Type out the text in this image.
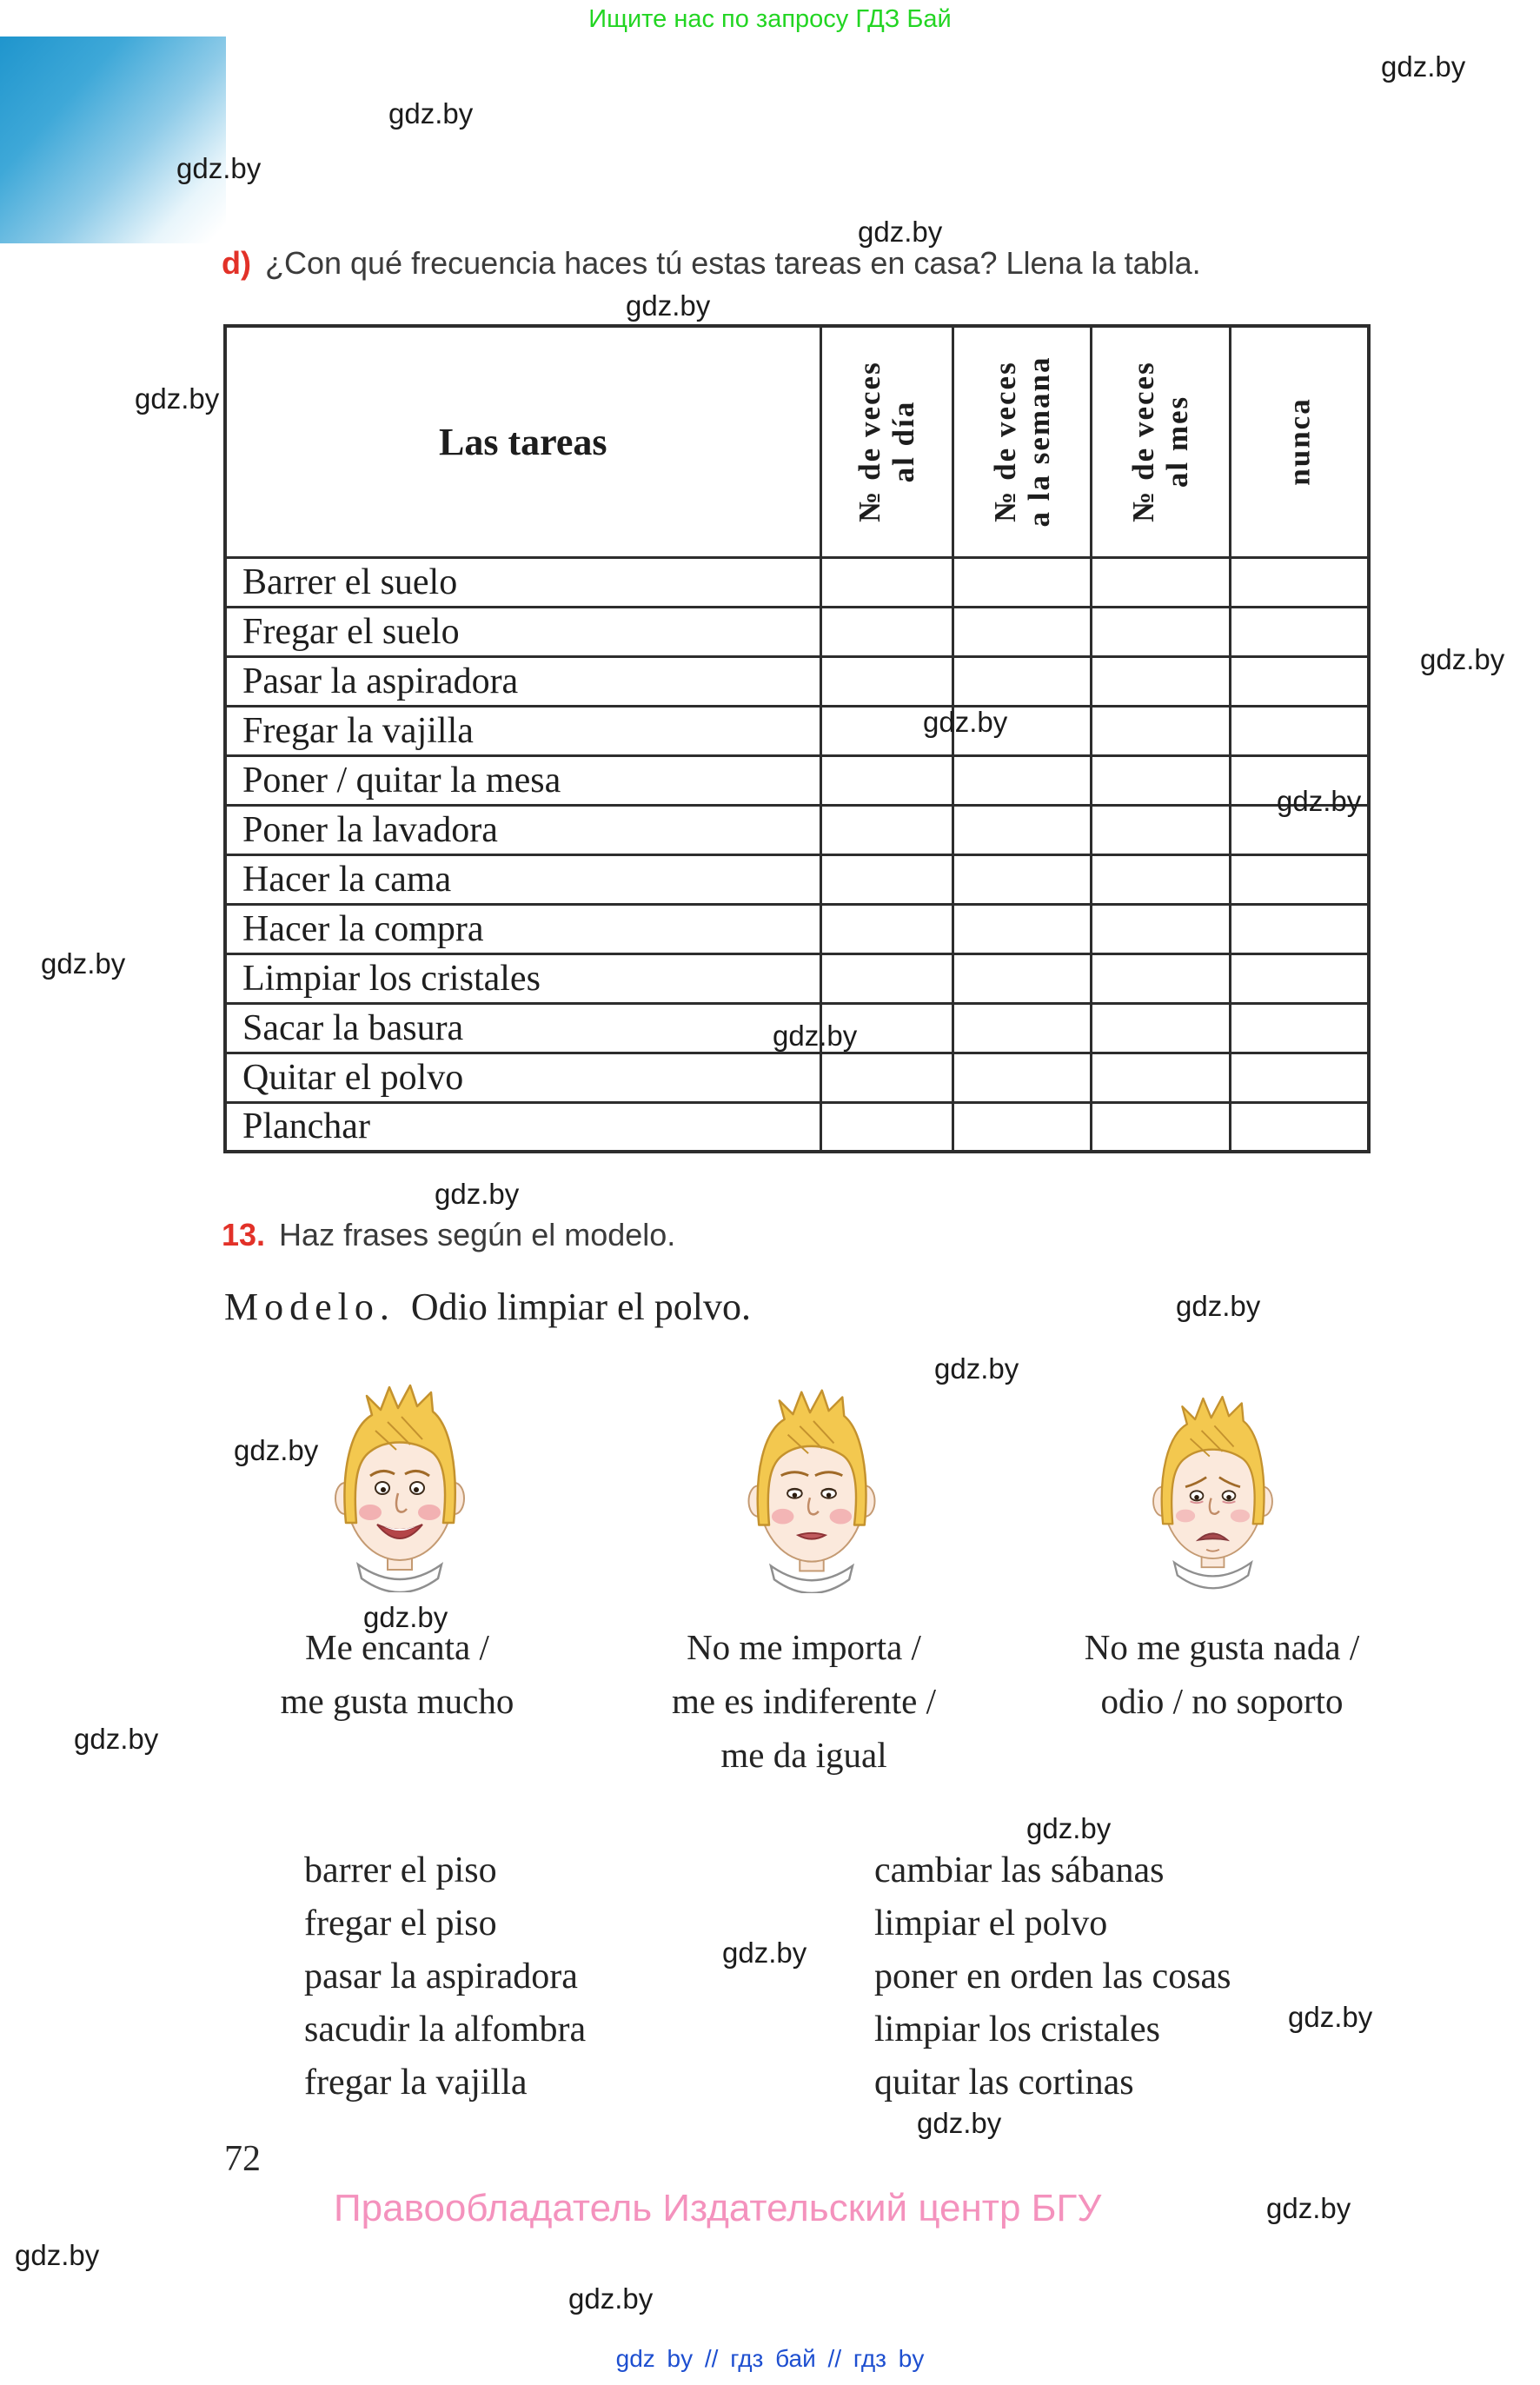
Ищите нас по запросу ГДЗ Бай
gdz.by
gdz.by
gdz.by
gdz.by
gdz.by
gdz.by
gdz.by
gdz.by
gdz.by
gdz.by
gdz.by
gdz.by
gdz.by
gdz.by
gdz.by
gdz.by
gdz.by
gdz.by
gdz.by
gdz.by
gdz.by
gdz.by
gdz.by
gdz.by
d) ¿Con qué frecuencia haces tú estas tareas en casa? Llena la tabla.
Las tareas	№ de veces al día	№ de veces a la semana	№ de veces al mes	nunca

Barrer el suelo				
Fregar el suelo				
Pasar la aspiradora				
Fregar la vajilla				
Poner / quitar la mesa				
Poner la lavadora				
Hacer la cama				
Hacer la compra				
Limpiar los cristales				
Sacar la basura				
Quitar el polvo				
Planchar				
13. Haz frases según el modelo.
Modelo. Odio limpiar el polvo.
Me encanta /
me gusta mucho
No me importa /
me es indiferente /
me da igual
No me gusta nada /
odio / no soporto
barrer el piso
fregar el piso
pasar la aspiradora
sacudir la alfombra
fregar la vajilla
cambiar las sábanas
limpiar el polvo
poner en orden las cosas
limpiar los cristales
quitar las cortinas
72
Правообладатель Издательский центр БГУ
gdz by // гдз бай // гдз by
